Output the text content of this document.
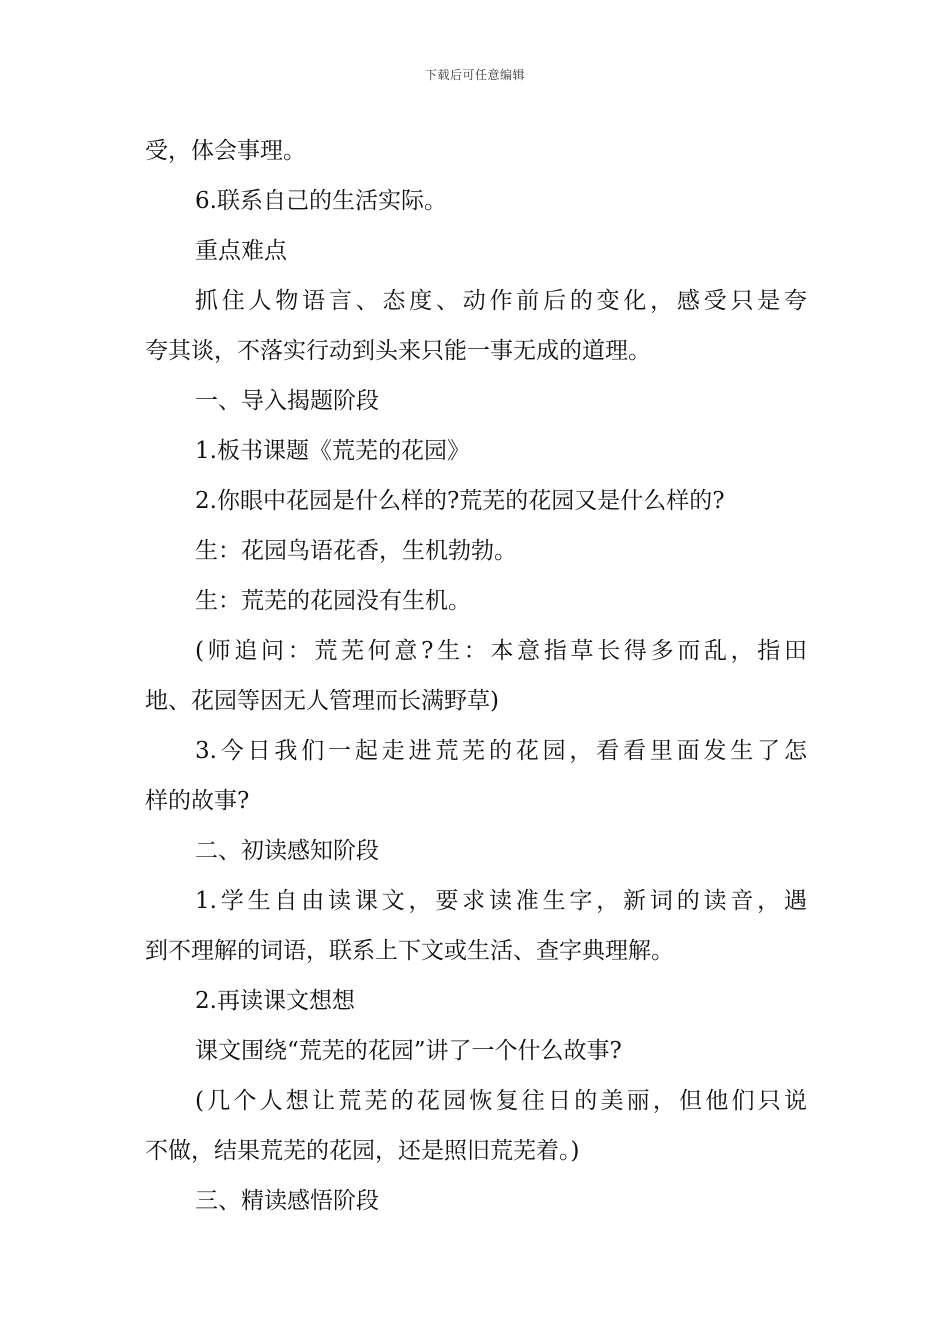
下载后可任意编辑
受，体会事理。
6.联系自己的生活实际。
重点难点
抓住人物语言、态度、动作前后的变化，感受只是夸
夸其谈，不落实行动到头来只能一事无成的道理。
一、导入揭题阶段
1.板书课题《荒芜的花园》
2.你眼中花园是什么样的?荒芜的花园又是什么样的?
生：花园鸟语花香，生机勃勃。
生：荒芜的花园没有生机。
(师追问：荒芜何意?生：本意指草长得多而乱，指田
地、花园等因无人管理而长满野草)
3.今日我们一起走进荒芜的花园，看看里面发生了怎
样的故事?
二、初读感知阶段
1.学生自由读课文，要求读准生字，新词的读音，遇
到不理解的词语，联系上下文或生活、查字典理解。
2.再读课文想想
课文围绕“荒芜的花园”讲了一个什么故事?
(几个人想让荒芜的花园恢复往日的美丽，但他们只说
不做，结果荒芜的花园，还是照旧荒芜着。)
三、精读感悟阶段
